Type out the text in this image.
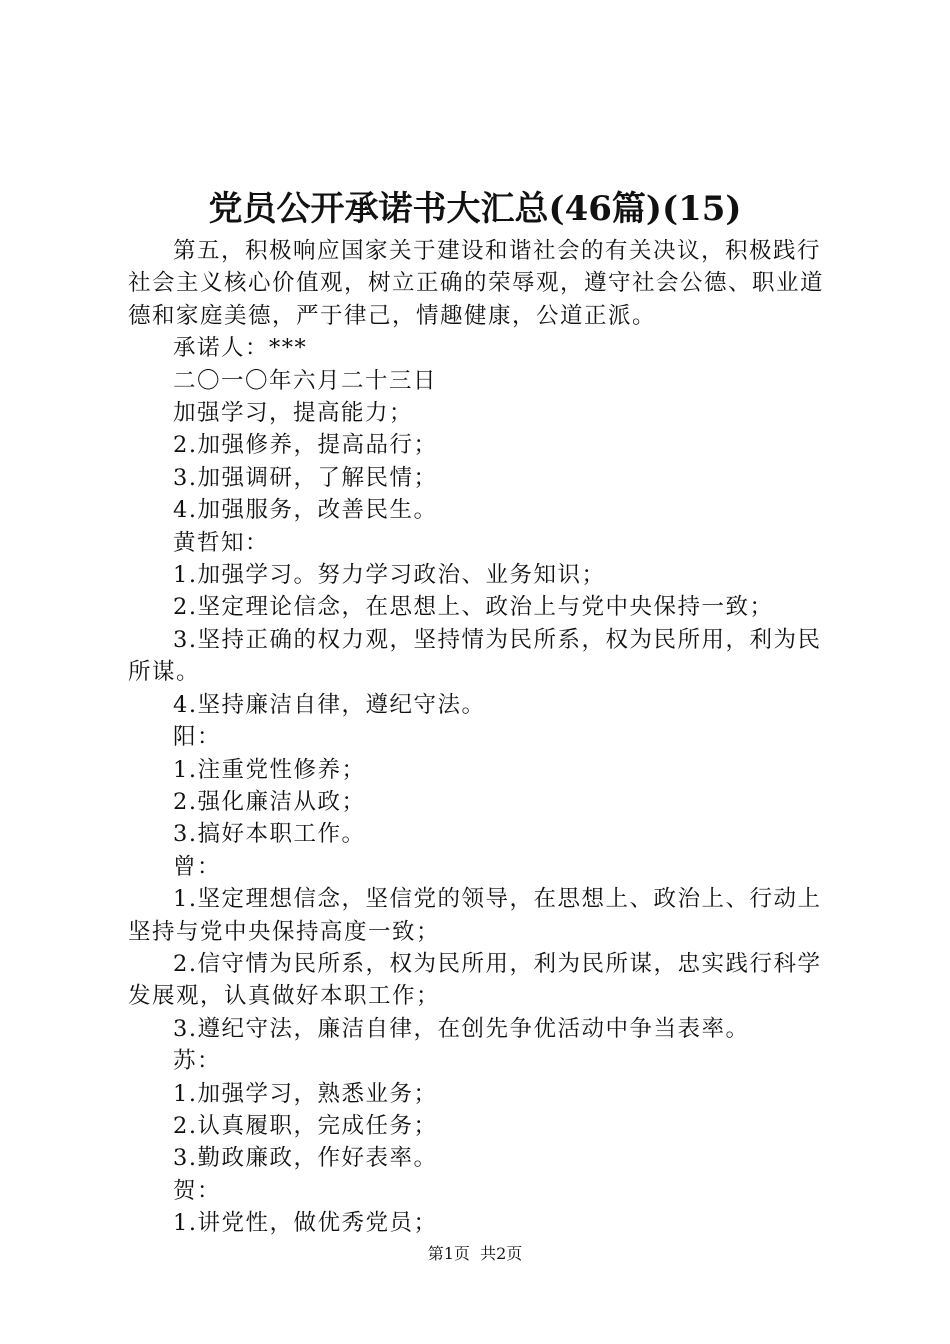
党员公开承诺书大汇总(46篇)(15)

第五，积极响应国家关于建设和谐社会的有关决议，积极践行社会主义核心价值观，树立正确的荣辱观，遵守社会公德、职业道德和家庭美德，严于律己，情趣健康，公道正派。

承诺人：***

二〇一〇年六月二十三日

加强学习，提高能力；

2.加强修养，提高品行；

3.加强调研，了解民情；

4.加强服务，改善民生。

黄哲知：

1.加强学习。努力学习政治、业务知识；

2.坚定理论信念，在思想上、政治上与党中央保持一致；

3.坚持正确的权力观，坚持情为民所系，权为民所用，利为民所谋。

4.坚持廉洁自律，遵纪守法。

阳：

1.注重党性修养；

2.强化廉洁从政；

3.搞好本职工作。

曾：

1.坚定理想信念，坚信党的领导，在思想上、政治上、行动上坚持与党中央保持高度一致；

2.信守情为民所系，权为民所用，利为民所谋，忠实践行科学发展观，认真做好本职工作；

3.遵纪守法，廉洁自律，在创先争优活动中争当表率。

苏：

1.加强学习，熟悉业务；

2.认真履职，完成任务；

3.勤政廉政，作好表率。

贺：

1.讲党性，做优秀党员；

第1页 共2页
